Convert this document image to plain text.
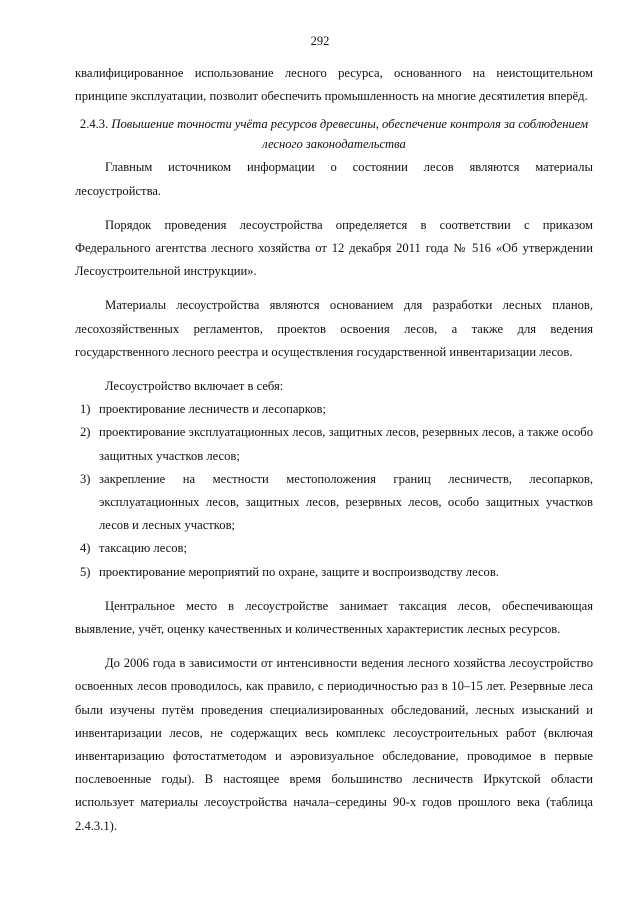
292

квалифицированное использование лесного ресурса, основанного на неистощительном принципе эксплуатации, позволит обеспечить промышленность на многие десятилетия вперёд.

2.4.3. Повышение точности учёта ресурсов древесины, обеспечение контроля за соблюдением лесного законодательства

Главным источником информации о состоянии лесов являются материалы лесоустройства.

Порядок проведения лесоустройства определяется в соответствии с приказом Федерального агентства лесного хозяйства от 12 декабря 2011 года № 516 «Об утверждении Лесоустроительной инструкции».

Материалы лесоустройства являются основанием для разработки лесных планов, лесохозяйственных регламентов, проектов освоения лесов, а также для ведения государственного лесного реестра и осуществления государственной инвентаризации лесов.

Лесоустройство включает в себя:

1) проектирование лесничеств и лесопарков;
2) проектирование эксплуатационных лесов, защитных лесов, резервных лесов, а также особо защитных участков лесов;
3) закрепление на местности местоположения границ лесничеств, лесопарков, эксплуатационных лесов, защитных лесов, резервных лесов, особо защитных участков лесов и лесных участков;
4) таксацию лесов;
5) проектирование мероприятий по охране, защите и воспроизводству лесов.

Центральное место в лесоустройстве занимает таксация лесов, обеспечивающая выявление, учёт, оценку качественных и количественных характеристик лесных ресурсов.

До 2006 года в зависимости от интенсивности ведения лесного хозяйства лесоустройство освоенных лесов проводилось, как правило, с периодичностью раз в 10–15 лет. Резервные леса были изучены путём проведения специализированных обследований, лесных изысканий и инвентаризации лесов, не содержащих весь комплекс лесоустроительных работ (включая инвентаризацию фотостатметодом и аэровизуальное обследование, проводимое в первые послевоенные годы). В настоящее время большинство лесничеств Иркутской области использует материалы лесоустройства начала–середины 90-х годов прошлого века (таблица 2.4.3.1).
